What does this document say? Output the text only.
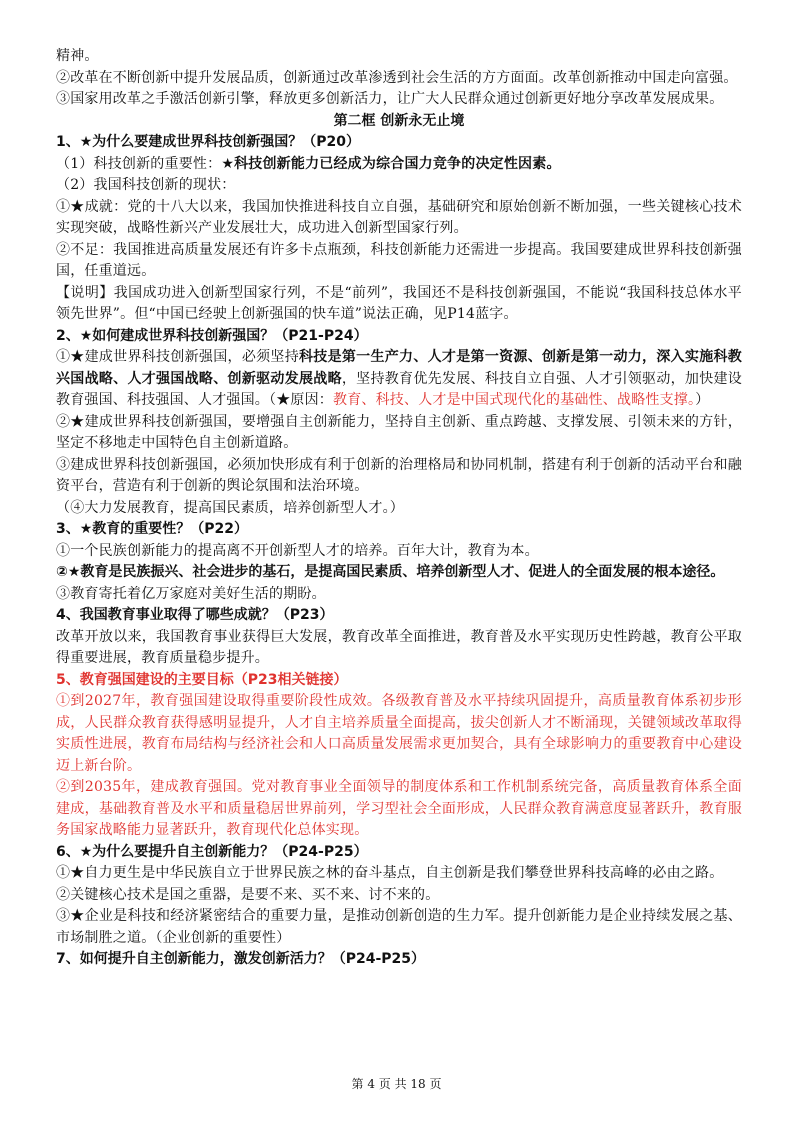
精神。

②改革在不断创新中提升发展品质，创新通过改革渗透到社会生活的方方面面。改革创新推动中国走向富强。

③国家用改革之手激活创新引擎，释放更多创新活力，让广大人民群众通过创新更好地分享改革发展成果。

第二框 创新永无止境

1、★为什么要建成世界科技创新强国？（P20）

（1）科技创新的重要性：★科技创新能力已经成为综合国力竞争的决定性因素。

（2）我国科技创新的现状：

①★成就：党的十八大以来，我国加快推进科技自立自强，基础研究和原始创新不断加强，一些关键核心技术实现突破，战略性新兴产业发展壮大，成功进入创新型国家行列。

②不足：我国推进高质量发展还有许多卡点瓶颈，科技创新能力还需进一步提高。我国要建成世界科技创新强国，任重道远。

【说明】我国成功进入创新型国家行列，不是“前列”，我国还不是科技创新强国，不能说“我国科技总体水平领先世界”。但“中国已经驶上创新强国的快车道”说法正确，见P14蓝字。

2、★如何建成世界科技创新强国？（P21-P24）

①★建成世界科技创新强国，必须坚持科技是第一生产力、人才是第一资源、创新是第一动力，深入实施科教兴国战略、人才强国战略、创新驱动发展战略，坚持教育优先发展、科技自立自强、人才引领驱动，加快建设教育强国、科技强国、人才强国。（★原因：教育、科技、人才是中国式现代化的基础性、战略性支撑。）

②★建成世界科技创新强国，要增强自主创新能力，坚持自主创新、重点跨越、支撑发展、引领未来的方针，坚定不移地走中国特色自主创新道路。

③建成世界科技创新强国，必须加快形成有利于创新的治理格局和协同机制，搭建有利于创新的活动平台和融资平台，营造有利于创新的舆论氛围和法治环境。

（④大力发展教育，提高国民素质，培养创新型人才。）

3、★教育的重要性？（P22）

①一个民族创新能力的提高离不开创新型人才的培养。百年大计，教育为本。

②★教育是民族振兴、社会进步的基石，是提高国民素质、培养创新型人才、促进人的全面发展的根本途径。

③教育寄托着亿万家庭对美好生活的期盼。

4、我国教育事业取得了哪些成就？（P23）

改革开放以来，我国教育事业获得巨大发展，教育改革全面推进，教育普及水平实现历史性跨越，教育公平取得重要进展，教育质量稳步提升。

5、教育强国建设的主要目标（P23相关链接）

①到2027年，教育强国建设取得重要阶段性成效。各级教育普及水平持续巩固提升，高质量教育体系初步形成，人民群众教育获得感明显提升，人才自主培养质量全面提高，拔尖创新人才不断涌现，关键领域改革取得实质性进展，教育布局结构与经济社会和人口高质量发展需求更加契合，具有全球影响力的重要教育中心建设迈上新台阶。

②到2035年，建成教育强国。党对教育事业全面领导的制度体系和工作机制系统完备，高质量教育体系全面建成，基础教育普及水平和质量稳居世界前列，学习型社会全面形成，人民群众教育满意度显著跃升，教育服务国家战略能力显著跃升，教育现代化总体实现。

6、★为什么要提升自主创新能力？（P24-P25）

①★自力更生是中华民族自立于世界民族之林的奋斗基点，自主创新是我们攀登世界科技高峰的必由之路。

②关键核心技术是国之重器，是要不来、买不来、讨不来的。

③★企业是科技和经济紧密结合的重要力量，是推动创新创造的生力军。提升创新能力是企业持续发展之基、市场制胜之道。（企业创新的重要性）

7、如何提升自主创新能力，激发创新活力？（P24-P25）

第 4 页 共 18 页
